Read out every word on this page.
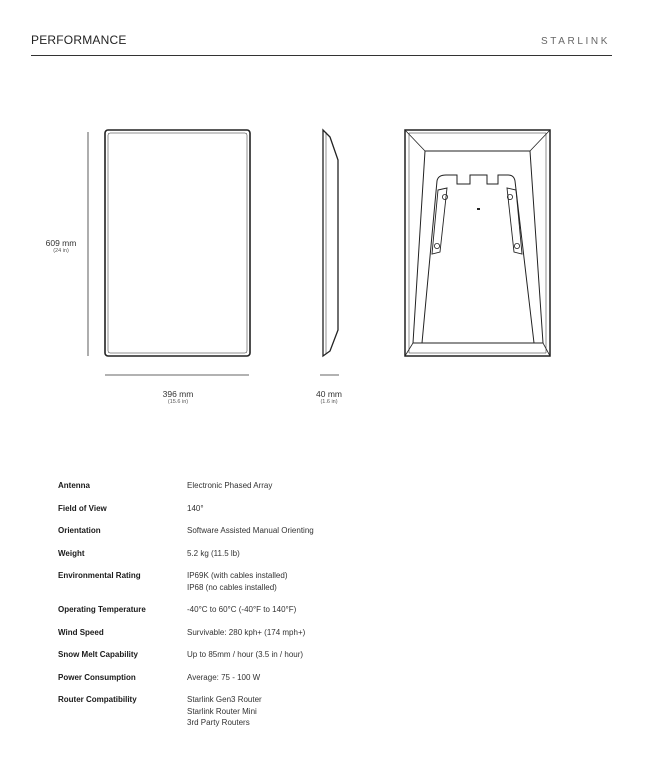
PERFORMANCE	STARLINK
609 mm
(24 in)
396 mm
(15.6 in)
40 mm
(1.6 in)
Antenna	Electronic Phased Array
Field of View	140°
Orientation	Software Assisted Manual Orienting
Weight	5.2 kg (11.5 lb)
Environmental Rating	IP69K (with cables installed)
IP68 (no cables installed)
Operating Temperature	-40°C to 60°C (-40°F to 140°F)
Wind Speed	Survivable: 280 kph+ (174 mph+)
Snow Melt Capability	Up to 85mm / hour (3.5 in / hour)
Power Consumption	Average: 75 - 100 W
Router Compatibility	Starlink Gen3 Router
Starlink Router Mini
3rd Party Routers
